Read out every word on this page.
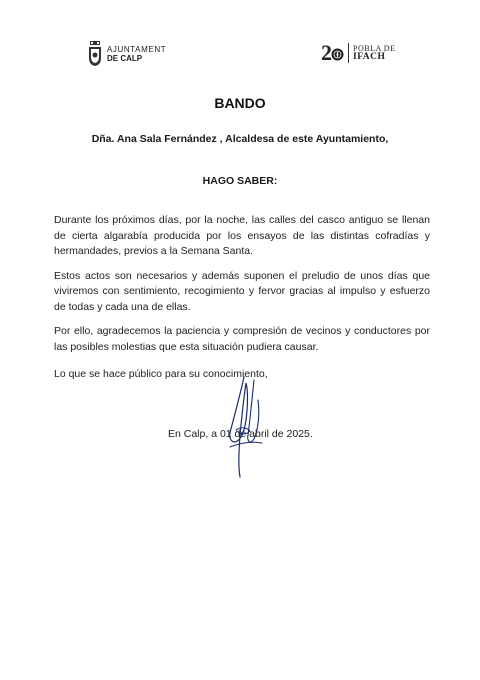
AJUNTAMENT
DE CALP	2	POBLA DE
IFACH
BANDO
Dña. Ana Sala Fernández , Alcaldesa de este Ayuntamiento,
HAGO SABER:

Durante los próximos días, por la noche, las calles del casco antiguo se llenan de cierta algarabía producida por los ensayos de las distintas cofradías y hermandades, previos a la Semana Santa.

Estos actos son necesarios y además suponen el preludio de unos días que viviremos con sentimiento, recogimiento y fervor gracias al impulso y esfuerzo de todas y cada una de ellas.

Por ello, agradecemos la paciencia y compresión de vecinos y conductores por las posibles molestias que esta situación pudiera causar.

Lo que se hace público para su conocimiento,
En Calp, a 01 de abril de 2025.
